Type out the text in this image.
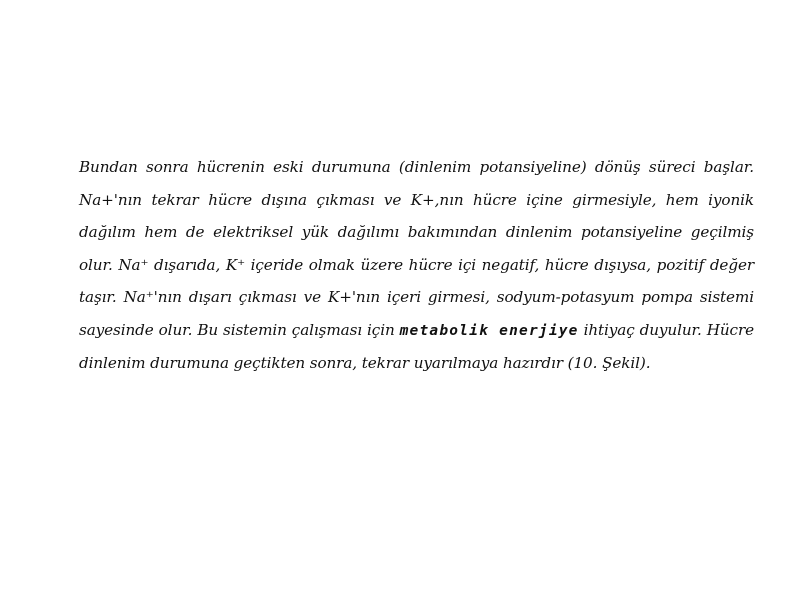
Bundan sonra hücrenin eski durumuna (dinlenim potansiyeline) dönüş süreci başlar. Na+'nın tekrar hücre dışına çıkması ve K+,nın hücre içine girmesiyle, hem iyonik dağılım hem de elektriksel yük dağılımı bakımından dinlenim potansiyeline geçilmiş olur. Na⁺ dışarıda, K⁺ içeride olmak üzere hücre içi negatif, hücre dışıysa, pozitif değer taşır. Na⁺'nın dışarı çıkması ve K+'nın içeri girmesi, sodyum-potasyum pompa sistemi sayesinde olur. Bu sistemin çalışması için metabolik enerjiye ihtiyaç duyulur. Hücre dinlenim durumuna geçtikten sonra, tekrar uyarılmaya hazırdır (10. Şekil).
